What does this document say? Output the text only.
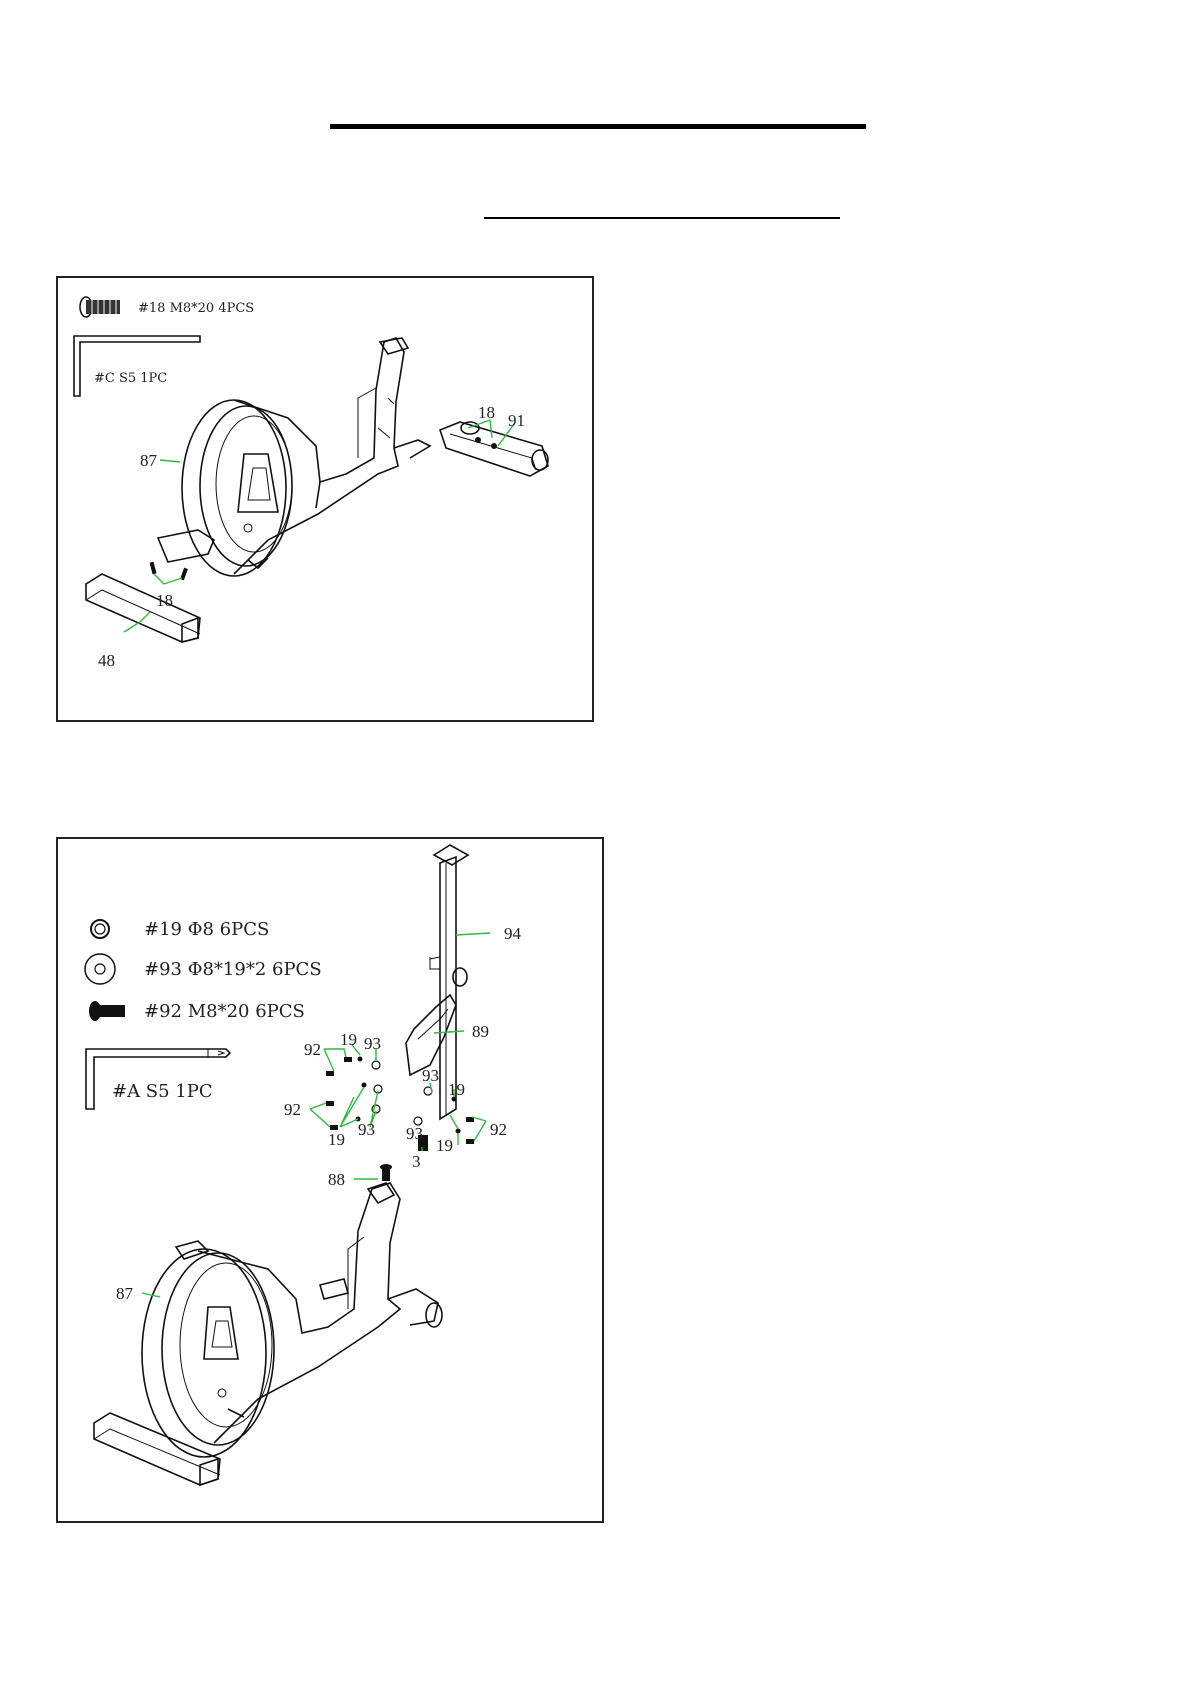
#18 M8*20 4PCS
#C S5 1PC
87
18 91
18
48
#19 Φ8 6PCS
#93 Φ8*19*2 6PCS
#92 M8*20 6PCS
#A S5 1PC
94
89
92
19 93
92
19
93
93
19
93
3
19
92
88
87
